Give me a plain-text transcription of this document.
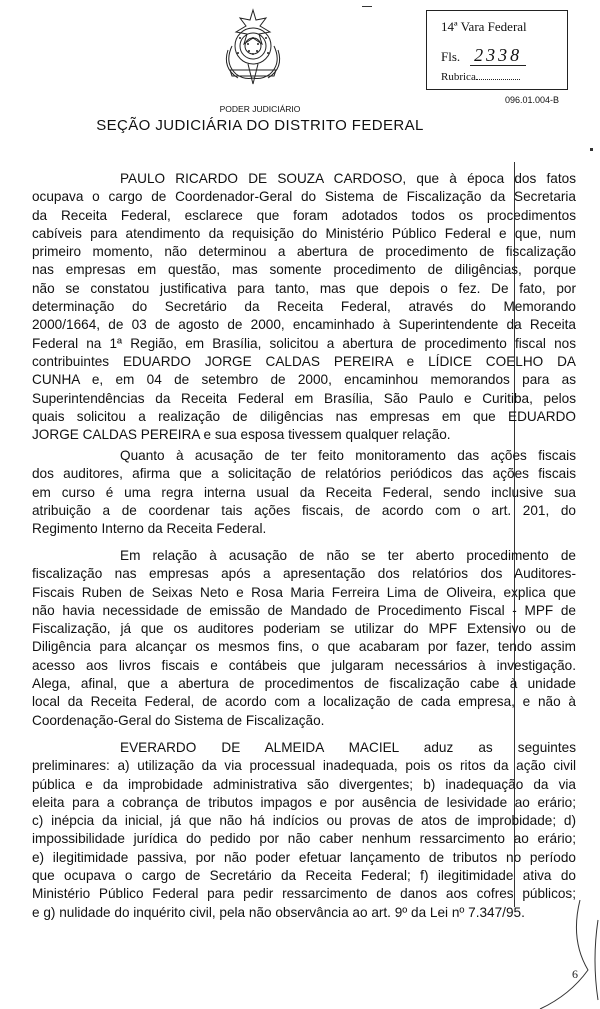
14ª Vara Federal
Fls. 2338
Rubrica
096.01.004-B
PODER JUDICIÁRIO
SEÇÃO JUDICIÁRIA DO DISTRITO FEDERAL
PAULO RICARDO DE SOUZA CARDOSO, que à época dos fatos
ocupava o cargo de Coordenador-Geral do Sistema de Fiscalização da Secretaria
da Receita Federal, esclarece que foram adotados todos os procedimentos
cabíveis para atendimento da requisição do Ministério Público Federal e que, num
primeiro momento, não determinou a abertura de procedimento de fiscalização
nas empresas em questão, mas somente procedimento de diligências, porque
não se constatou justificativa para tanto, mas que depois o fez. De fato, por
determinação do Secretário da Receita Federal, através do Memorando
2000/1664, de 03 de agosto de 2000, encaminhado à Superintendente da Receita
Federal na 1ª Região, em Brasília, solicitou a abertura de procedimento fiscal nos
contribuintes EDUARDO JORGE CALDAS PEREIRA e LÍDICE COELHO DA
CUNHA e, em 04 de setembro de 2000, encaminhou memorandos para as
Superintendências da Receita Federal em Brasília, São Paulo e Curitiba, pelos
quais solicitou a realização de diligências nas empresas em que EDUARDO
JORGE CALDAS PEREIRA e sua esposa tivessem qualquer relação.
Quanto à acusação de ter feito monitoramento das ações fiscais
dos auditores, afirma que a solicitação de relatórios periódicos das ações fiscais
em curso é uma regra interna usual da Receita Federal, sendo inclusive sua
atribuição a de coordenar tais ações fiscais, de acordo com o art. 201, do
Regimento Interno da Receita Federal.
Em relação à acusação de não se ter aberto procedimento de
fiscalização nas empresas após a apresentação dos relatórios dos Auditores-
Fiscais Ruben de Seixas Neto e Rosa Maria Ferreira Lima de Oliveira, explica que
não havia necessidade de emissão de Mandado de Procedimento Fiscal - MPF de
Fiscalização, já que os auditores poderiam se utilizar do MPF Extensivo ou de
Diligência para alcançar os mesmos fins, o que acabaram por fazer, tendo assim
acesso aos livros fiscais e contábeis que julgaram necessários à investigação.
Alega, afinal, que a abertura de procedimentos de fiscalização cabe à unidade
local da Receita Federal, de acordo com a localização de cada empresa, e não à
Coordenação-Geral do Sistema de Fiscalização.
EVERARDO DE ALMEIDA MACIEL aduz as seguintes
preliminares: a) utilização da via processual inadequada, pois os ritos da ação civil
pública e da improbidade administrativa são divergentes; b) inadequação da via
eleita para a cobrança de tributos impagos e por ausência de lesividade ao erário;
c) inépcia da inicial, já que não há indícios ou provas de atos de improbidade; d)
impossibilidade jurídica do pedido por não caber nenhum ressarcimento ao erário;
e) ilegitimidade passiva, por não poder efetuar lançamento de tributos no período
que ocupava o cargo de Secretário da Receita Federal; f) ilegitimidade ativa do
Ministério Público Federal para pedir ressarcimento de danos aos cofres públicos;
e g) nulidade do inquérito civil, pela não observância ao art. 9º da Lei nº 7.347/95.
6
